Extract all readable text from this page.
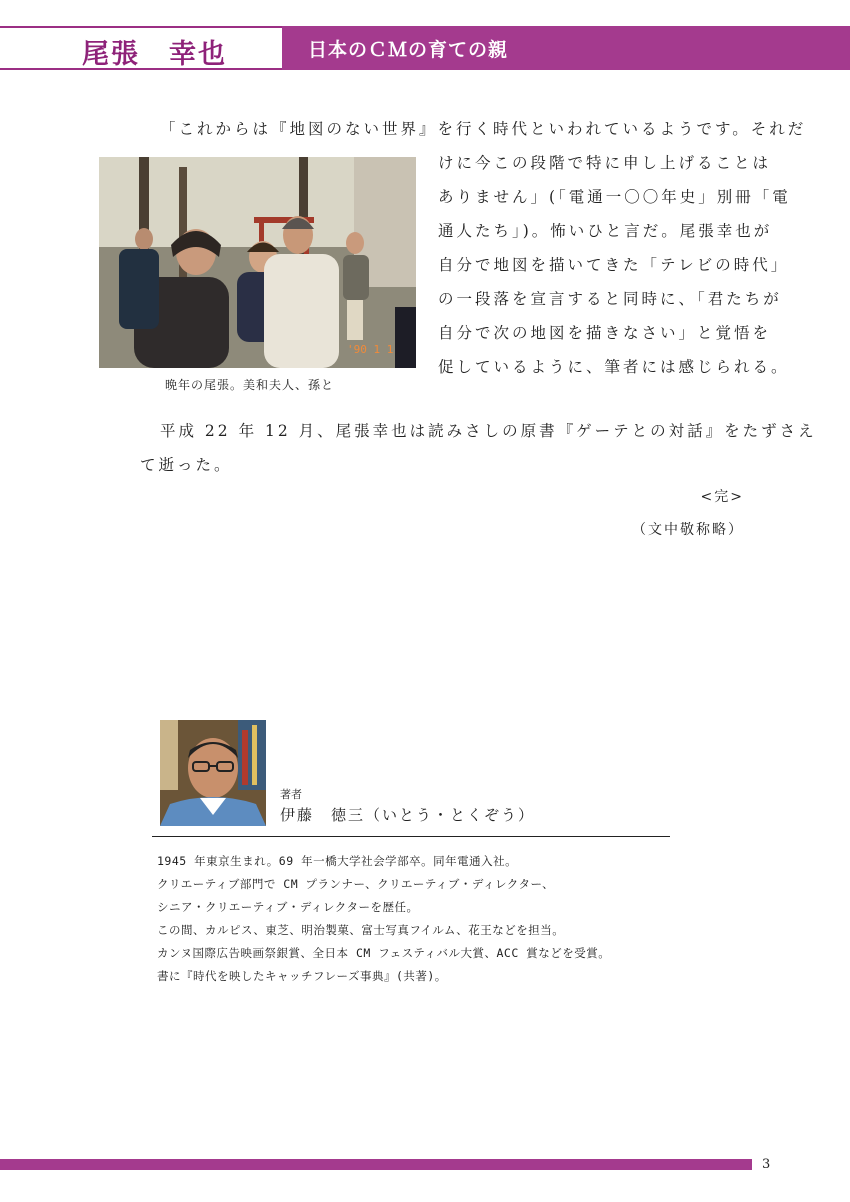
尾張　幸也	日本のＣＭの育ての親

「これからは『地図のない世界』を行く時代といわれているようです。それだ

'90 1 1
晩年の尾張。美和夫人、孫と

けに今この段階で特に申し上げることは

ありません」(「電通一〇〇年史」別冊「電

通人たち」)。怖いひと言だ。尾張幸也が

自分で地図を描いてきた「テレビの時代」

の一段落を宣言すると同時に、「君たちが

自分で次の地図を描きなさい」と覚悟を

促しているように、筆者には感じられる。

平成 22 年 12 月、尾張幸也は読みさしの原書『ゲーテとの対話』をたずさえ

て逝った。

<完>
（文中敬称略）
著者
伊藤　徳三（いとう・とくぞう）
1945 年東京生まれ。69 年一橋大学社会学部卒。同年電通入社。
クリエーティブ部門で CM プランナー、クリエーティブ・ディレクター、
シニア・クリエーティブ・ディレクターを歴任。
この間、カルピス、東芝、明治製菓、富士写真フイルム、花王などを担当。
カンヌ国際広告映画祭銀賞、全日本 CM フェスティバル大賞、ACC 賞などを受賞。
書に『時代を映したキャッチフレーズ事典』(共著)。
3
